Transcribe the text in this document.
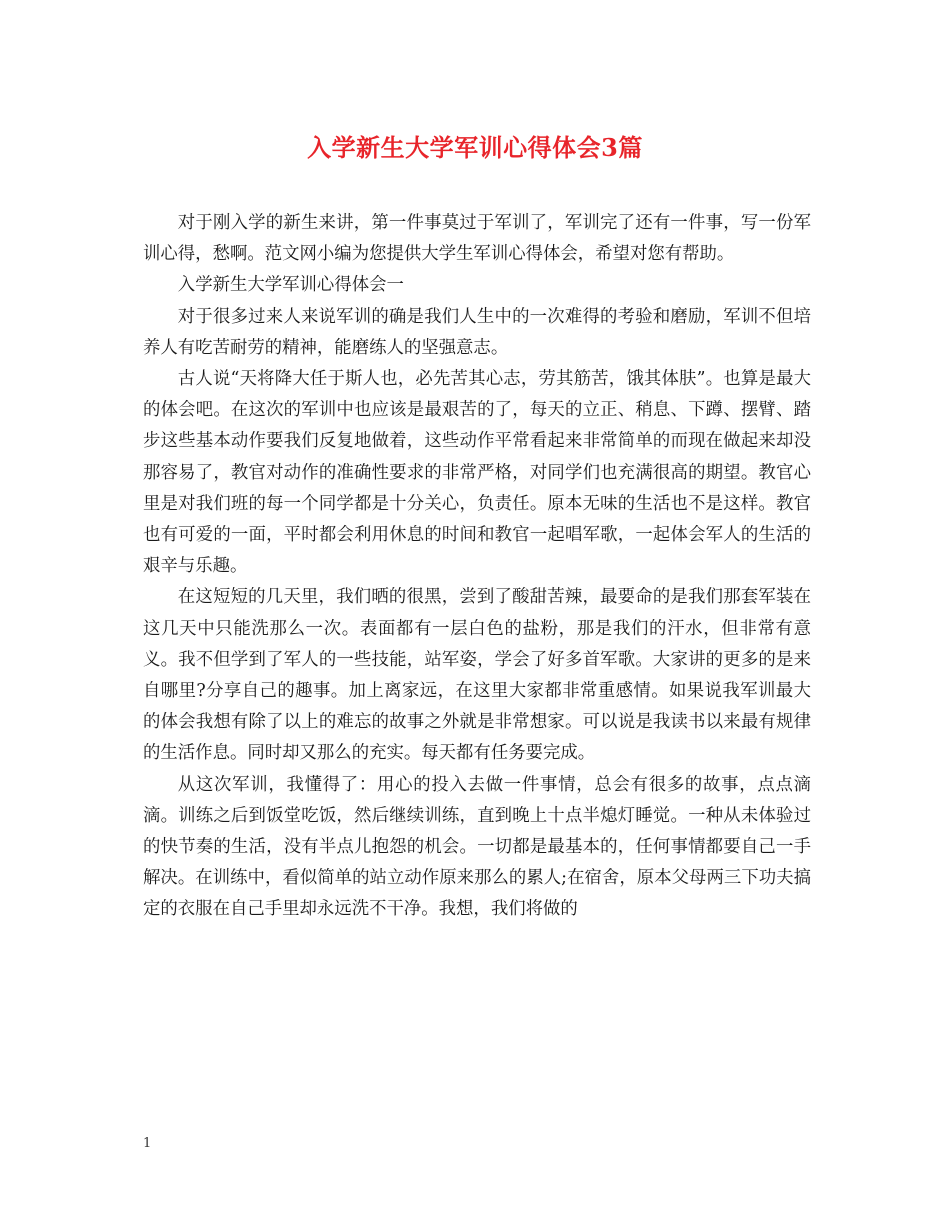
入学新生大学军训心得体会3篇

对于刚入学的新生来讲，第一件事莫过于军训了，军训完了还有一件事，写一份军训心得，愁啊。范文网小编为您提供大学生军训心得体会，希望对您有帮助。

入学新生大学军训心得体会一

对于很多过来人来说军训的确是我们人生中的一次难得的考验和磨励，军训不但培养人有吃苦耐劳的精神，能磨练人的坚强意志。

古人说“天将降大任于斯人也，必先苦其心志，劳其筋苦，饿其体肤”。也算是最大的体会吧。在这次的军训中也应该是最艰苦的了，每天的立正、稍息、下蹲、摆臂、踏步这些基本动作要我们反复地做着，这些动作平常看起来非常简单的而现在做起来却没那容易了，教官对动作的准确性要求的非常严格，对同学们也充满很高的期望。教官心里是对我们班的每一个同学都是十分关心，负责任。原本无味的生活也不是这样。教官也有可爱的一面，平时都会利用休息的时间和教官一起唱军歌，一起体会军人的生活的艰辛与乐趣。

在这短短的几天里，我们晒的很黑，尝到了酸甜苦辣，最要命的是我们那套军装在这几天中只能洗那么一次。表面都有一层白色的盐粉，那是我们的汗水，但非常有意义。我不但学到了军人的一些技能，站军姿，学会了好多首军歌。大家讲的更多的是来自哪里?分享自己的趣事。加上离家远，在这里大家都非常重感情。如果说我军训最大的体会我想有除了以上的难忘的故事之外就是非常想家。可以说是我读书以来最有规律的生活作息。同时却又那么的充实。每天都有任务要完成。

从这次军训，我懂得了：用心的投入去做一件事情，总会有很多的故事，点点滴滴。训练之后到饭堂吃饭，然后继续训练，直到晚上十点半熄灯睡觉。一种从未体验过的快节奏的生活，没有半点儿抱怨的机会。一切都是最基本的，任何事情都要自己一手解决。在训练中，看似简单的站立动作原来那么的累人;在宿舍，原本父母两三下功夫搞定的衣服在自己手里却永远洗不干净。我想，我们将做的

1
